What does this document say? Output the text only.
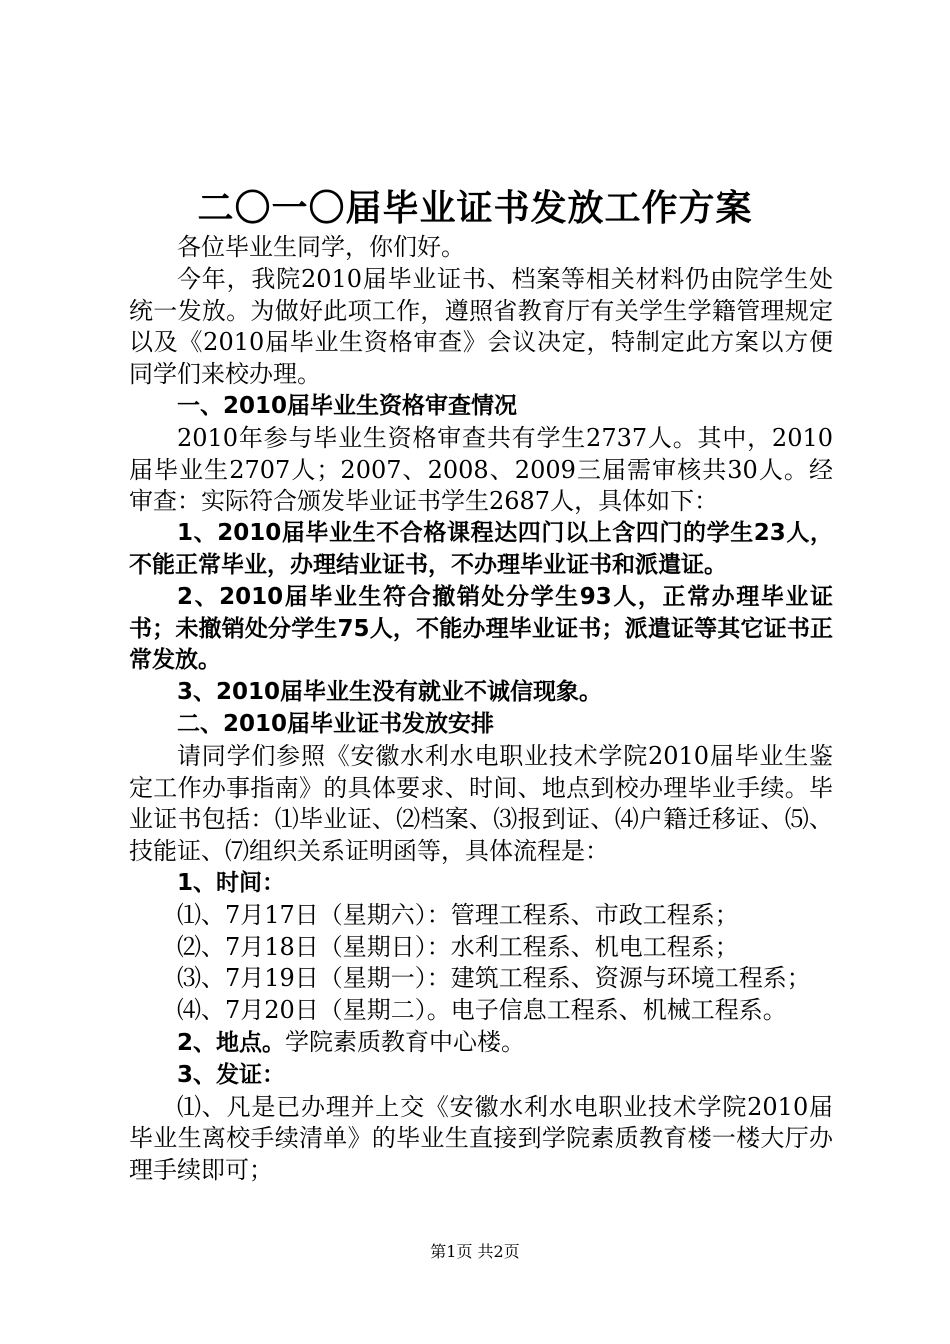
二〇一〇届毕业证书发放工作方案

各位毕业生同学，你们好。

今年，我院2010届毕业证书、档案等相关材料仍由院学生处统一发放。为做好此项工作，遵照省教育厅有关学生学籍管理规定以及《2010届毕业生资格审查》会议决定，特制定此方案以方便同学们来校办理。

一、2010届毕业生资格审查情况

2010年参与毕业生资格审查共有学生2737人。其中，2010届毕业生2707人；2007、2008、2009三届需审核共30人。经审查：实际符合颁发毕业证书学生2687人，具体如下：

1、2010届毕业生不合格课程达四门以上含四门的学生23人，不能正常毕业，办理结业证书，不办理毕业证书和派遣证。

2、2010届毕业生符合撤销处分学生93人，正常办理毕业证书；未撤销处分学生75人，不能办理毕业证书；派遣证等其它证书正常发放。

3、2010届毕业生没有就业不诚信现象。

二、2010届毕业证书发放安排

请同学们参照《安徽水利水电职业技术学院2010届毕业生鉴定工作办事指南》的具体要求、时间、地点到校办理毕业手续。毕业证书包括：⑴毕业证、⑵档案、⑶报到证、⑷户籍迁移证、⑸、技能证、⑺组织关系证明函等，具体流程是：

1、时间：

⑴、7月17日（星期六）：管理工程系、市政工程系；

⑵、7月18日（星期日）：水利工程系、机电工程系；

⑶、7月19日（星期一）：建筑工程系、资源与环境工程系；

⑷、7月20日（星期二）。电子信息工程系、机械工程系。

2、地点。学院素质教育中心楼。

3、发证：

⑴、凡是已办理并上交《安徽水利水电职业技术学院2010届毕业生离校手续清单》的毕业生直接到学院素质教育楼一楼大厅办理手续即可；

第1页 共2页
